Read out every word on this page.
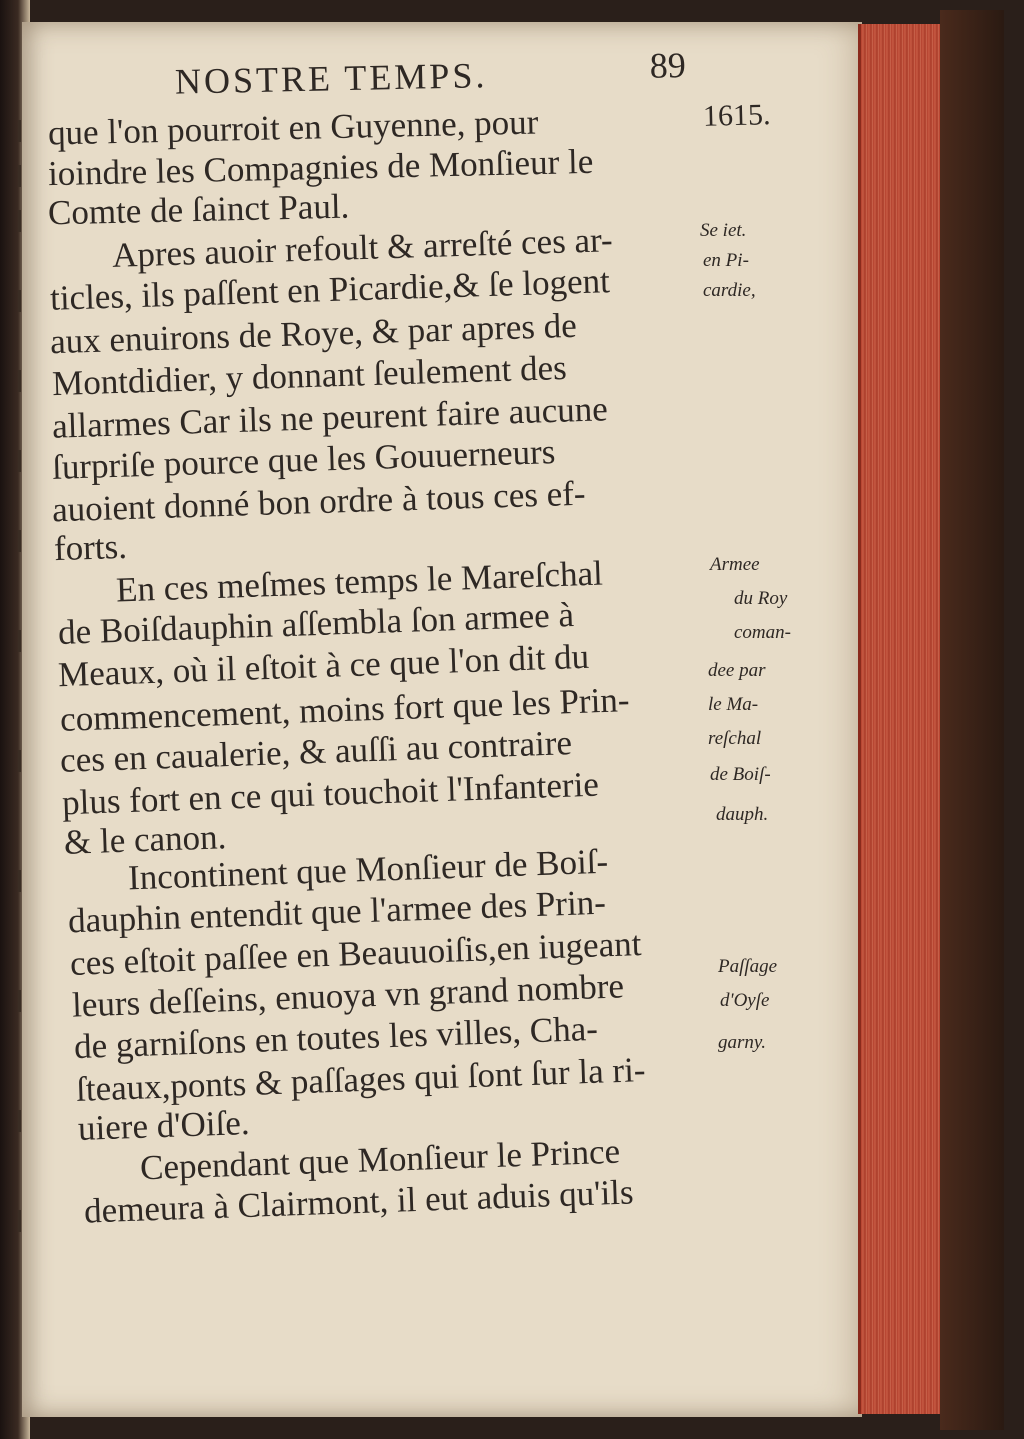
NOSTRE TEMPS.	89
que l'on pourroit en Guyenne, pour
ioindre les Compagnies de Monſieur le
Comte de ſainct Paul.
Apres auoir refoult & arreſté ces ar-
ticles, ils paſſent en Picardie,& ſe logent
aux enuirons de Roye, & par apres de
Montdidier, y donnant ſeulement des
allarmes Car ils ne peurent faire aucune
ſurpriſe pource que les Gouuerneurs
auoient donné bon ordre à tous ces ef-
forts.
En ces meſmes temps le Mareſchal
de Boiſdauphin aſſembla ſon armee à
Meaux, où il eſtoit à ce que l'on dit du
commencement, moins fort que les Prin-
ces en caualerie, & auſſi au contraire
plus fort en ce qui touchoit l'Infanterie
& le canon.
Incontinent que Monſieur de Boiſ-
dauphin entendit que l'armee des Prin-
ces eſtoit paſſee en Beauuoiſis,en iugeant
leurs deſſeins, enuoya vn grand nombre
de garniſons en toutes les villes, Cha-
ſteaux,ponts & paſſages qui ſont ſur la ri-
uiere d'Oiſe.
Cependant que Monſieur le Prince
demeura à Clairmont, il eut aduis qu'ils
1615.
Se iet.
en Pi-
cardie,
Armee
du Roy
coman-
dee par
le Ma-
reſchal
de Boiſ-
dauph.
Paſſage
d'Oyſe
garny.
